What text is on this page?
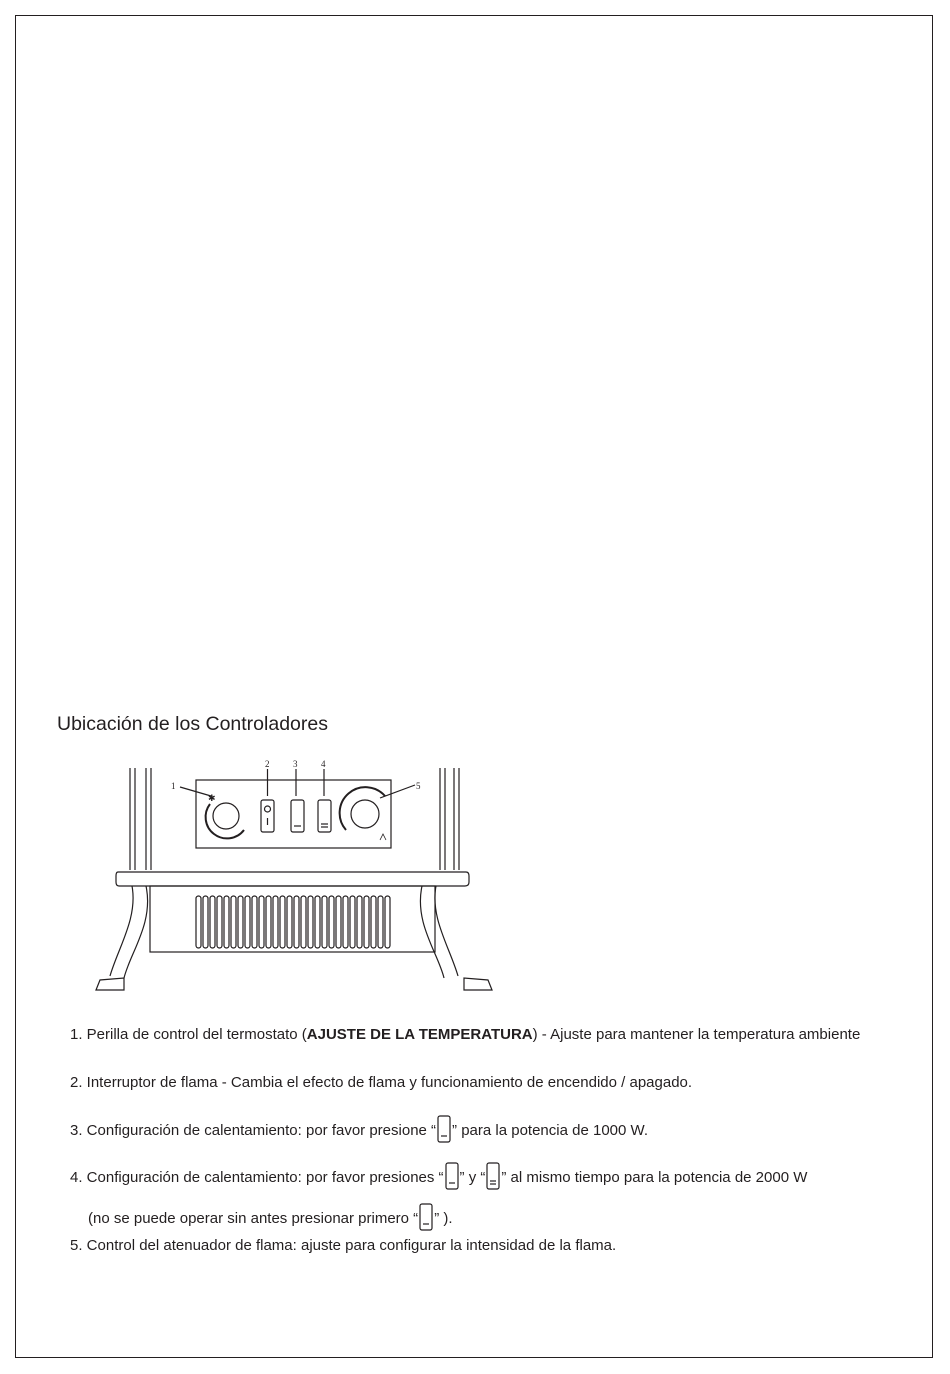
Ubicación de los Controladores
✱
1
2	3	4
5
1. Perilla de control del termostato (AJUSTE DE LA TEMPERATURA) - Ajuste para mantener la temperatura ambiente
2. Interruptor de flama - Cambia el efecto de flama y funcionamiento de encendido / apagado.
3. Configuración de calentamiento: por favor presione “ ” para la potencia de 1000 W.
4. Configuración de calentamiento: por favor presiones “ ” y “ ” al mismo tiempo para la potencia de 2000 W
(no se puede operar sin antes presionar primero “ ” ).
5. Control del atenuador de flama: ajuste para configurar la intensidad de la flama.
